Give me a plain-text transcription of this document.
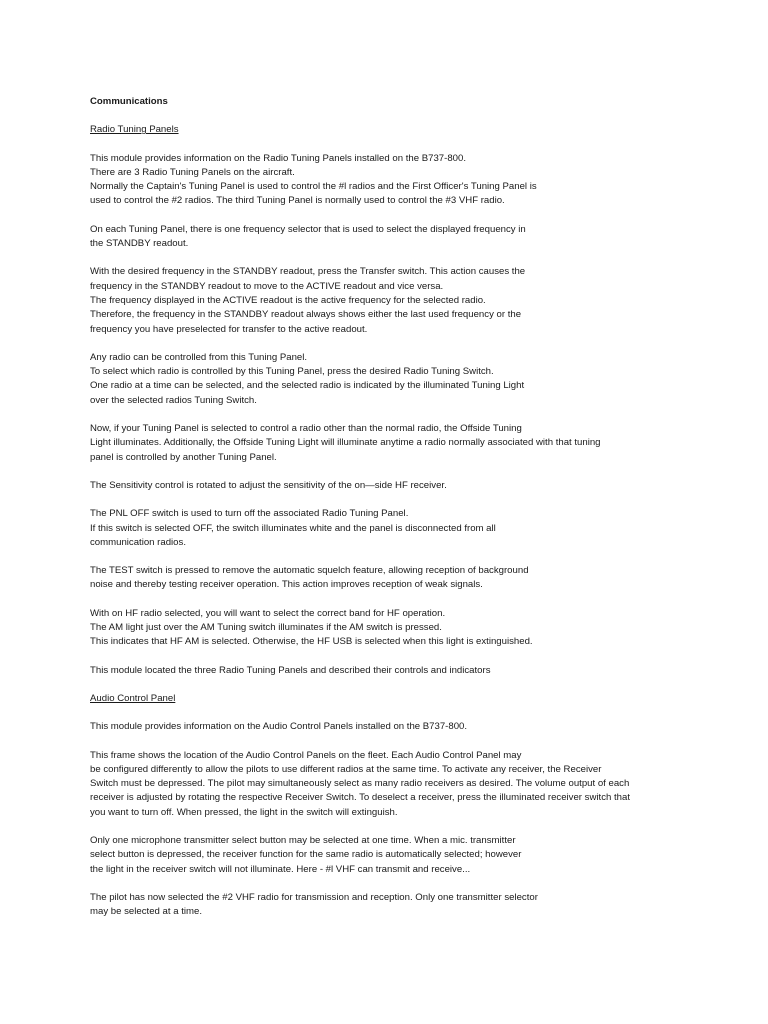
Communications
Radio Tuning Panels
This module provides information on the Radio Tuning Panels installed on the B737-800.
There are 3 Radio Tuning Panels on the aircraft.
Normally the Captain's Tuning Panel is used to control the #l radios and the First Officer's Tuning Panel is
used to control the #2 radios. The third Tuning Panel is normally used to control the #3 VHF radio.
On each Tuning Panel, there is one frequency selector that is used to select the displayed frequency in
the STANDBY readout.
With the desired frequency in the STANDBY readout, press the Transfer switch. This action causes the
frequency in the STANDBY readout to move to the ACTIVE readout and vice versa.
The frequency displayed in the ACTIVE readout is the active frequency for the selected radio.
Therefore, the frequency in the STANDBY readout always shows either the last used frequency or the
frequency you have preselected for transfer to the active readout.
Any radio can be controlled from this Tuning Panel.
To select which radio is controlled by this Tuning Panel, press the desired Radio Tuning Switch.
One radio at a time can be selected, and the selected radio is indicated by the illuminated Tuning Light
over the selected radios Tuning Switch.
Now, if your Tuning Panel is selected to control a radio other than the normal radio, the Offside Tuning
Light illuminates. Additionally, the Offside Tuning Light will illuminate anytime a radio normally associated with that tuning
panel is controlled by another Tuning Panel.
The Sensitivity control is rotated to adjust the sensitivity of the on—side HF receiver.
The PNL OFF switch is used to turn off the associated Radio Tuning Panel.
If this switch is selected OFF, the switch illuminates white and the panel is disconnected from all
communication radios.
The TEST switch is pressed to remove the automatic squelch feature, allowing reception of background
noise and thereby testing receiver operation. This action improves reception of weak signals.
With on HF radio selected, you will want to select the correct band for HF operation.
The AM light just over the AM Tuning switch illuminates if the AM switch is pressed.
This indicates that HF AM is selected. Otherwise, the HF USB is selected when this light is extinguished.
This module located the three Radio Tuning Panels and described their controls and indicators
Audio Control Panel
This module provides information on the Audio Control Panels installed on the B737-800.
This frame shows the location of the Audio Control Panels on the fleet. Each Audio Control Panel may
be configured differently to allow the pilots to use different radios at the same time. To activate any receiver, the Receiver
Switch must be depressed. The pilot may simultaneously select as many radio receivers as desired. The volume output of each
receiver is adjusted by rotating the respective Receiver Switch. To deselect a receiver, press the illuminated receiver switch that
you want to turn off. When pressed, the light in the switch will extinguish.
Only one microphone transmitter select button may be selected at one time. When a mic. transmitter
select button is depressed, the receiver function for the same radio is automatically selected; however
the light in the receiver switch will not illuminate. Here - #l VHF can transmit and receive...
The pilot has now selected the #2 VHF radio for transmission and reception. Only one transmitter selector
may be selected at a time.
